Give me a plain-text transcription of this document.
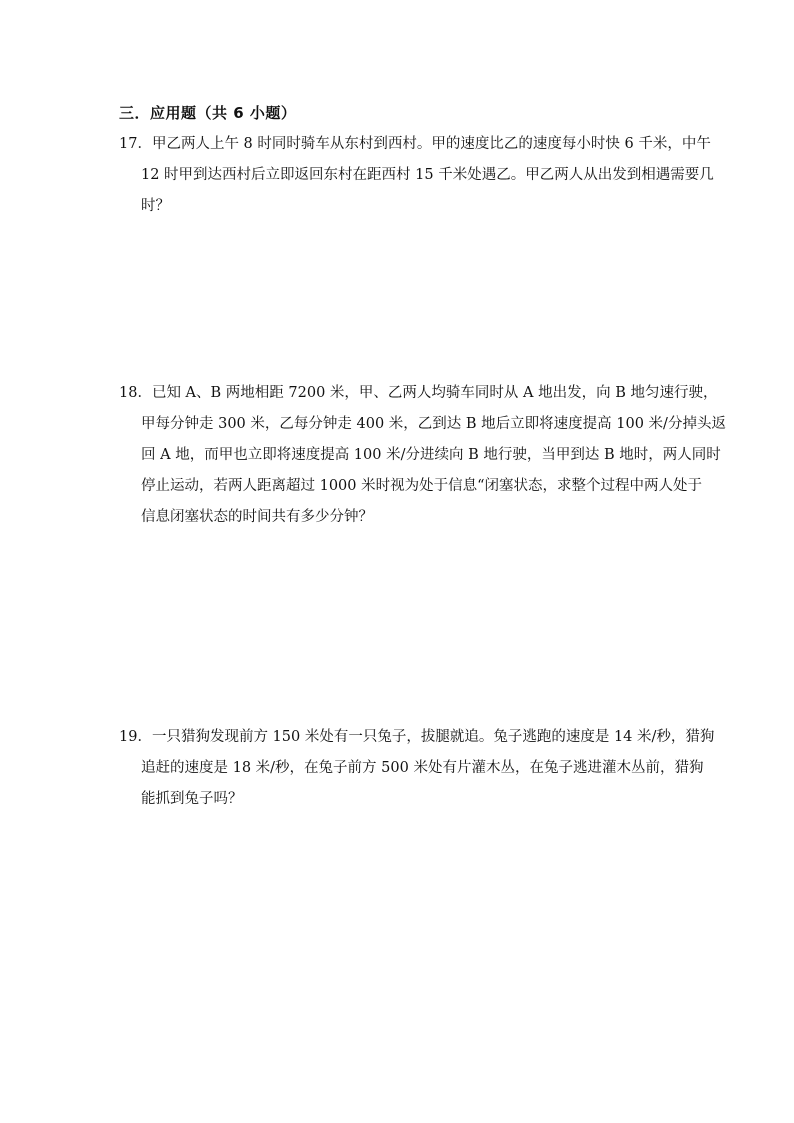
三．应用题（共 6 小题）
17．甲乙两人上午 8 时同时骑车从东村到西村。甲的速度比乙的速度每小时快 6 千米，中午
12 时甲到达西村后立即返回东村在距西村 15 千米处遇乙。甲乙两人从出发到相遇需要几
时？
18．已知 A、B 两地相距 7200 米，甲、乙两人均骑车同时从 A 地出发，向 B 地匀速行驶，
甲每分钟走 300 米，乙每分钟走 400 米，乙到达 B 地后立即将速度提高 100 米/分掉头返
回 A 地，而甲也立即将速度提高 100 米/分进续向 B 地行驶，当甲到达 B 地时，两人同时
停止运动，若两人距离超过 1000 米时视为处于信息“闭塞状态，求整个过程中两人处于
信息闭塞状态的时间共有多少分钟？
19．一只猎狗发现前方 150 米处有一只兔子，拔腿就追。兔子逃跑的速度是 14 米/秒，猎狗
追赶的速度是 18 米/秒，在兔子前方 500 米处有片灌木丛，在兔子逃进灌木丛前，猎狗
能抓到兔子吗？
